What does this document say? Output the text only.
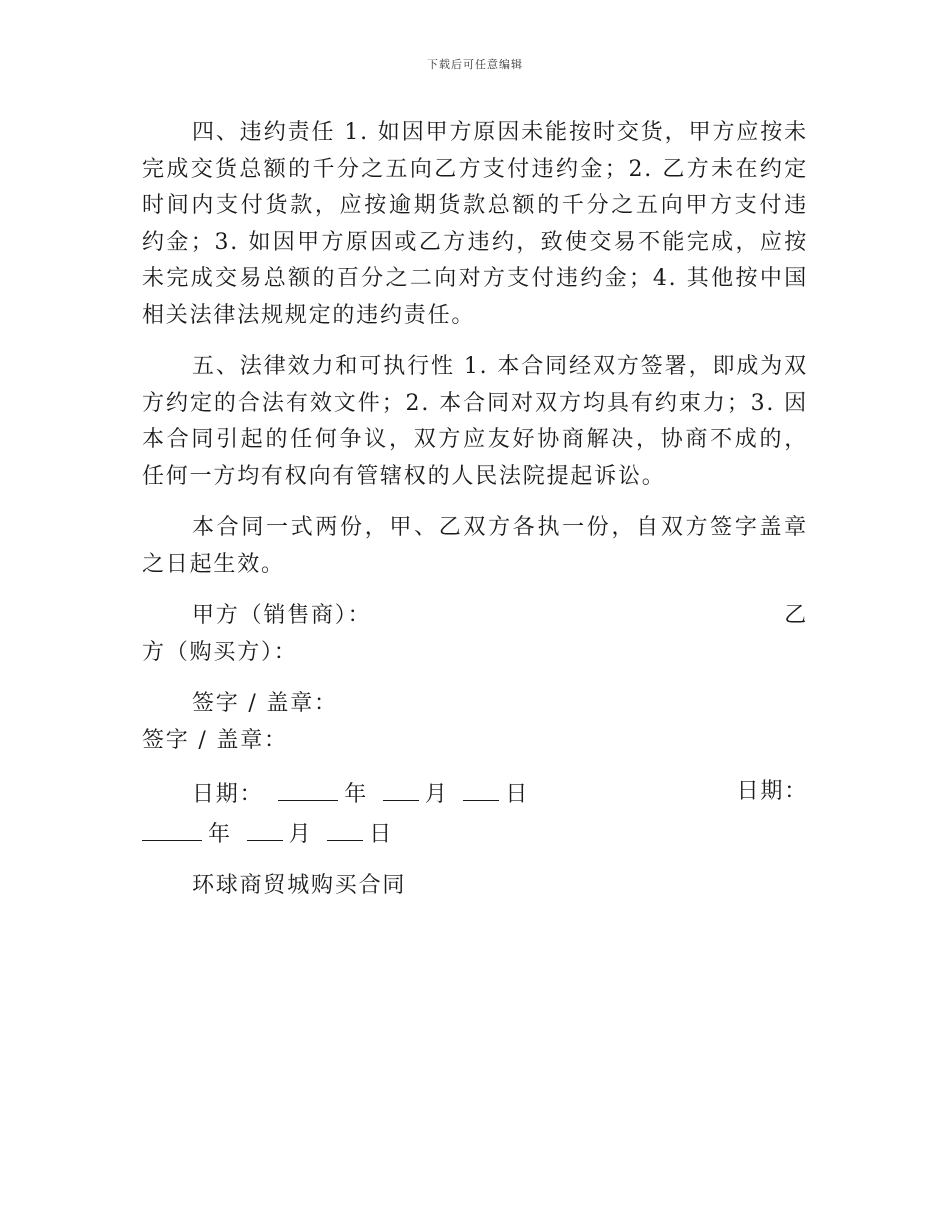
下载后可任意编辑

四、违约责任 1. 如因甲方原因未能按时交货，甲方应按未完成交货总额的千分之五向乙方支付违约金；2. 乙方未在约定时间内支付货款，应按逾期货款总额的千分之五向甲方支付违约金；3. 如因甲方原因或乙方违约，致使交易不能完成，应按未完成交易总额的百分之二向对方支付违约金；4. 其他按中国相关法律法规规定的违约责任。

五、法律效力和可执行性 1. 本合同经双方签署，即成为双方约定的合法有效文件；2. 本合同对双方均具有约束力；3. 因本合同引起的任何争议，双方应友好协商解决，协商不成的，任何一方均有权向有管辖权的人民法院提起诉讼。

本合同一式两份，甲、乙双方各执一份，自双方签字盖章之日起生效。

甲方（销售商）：	乙
方（购买方）：
签字 / 盖章：
签字 / 盖章：
日期：	年	月	日	日期：
年	月	日
环球商贸城购买合同
